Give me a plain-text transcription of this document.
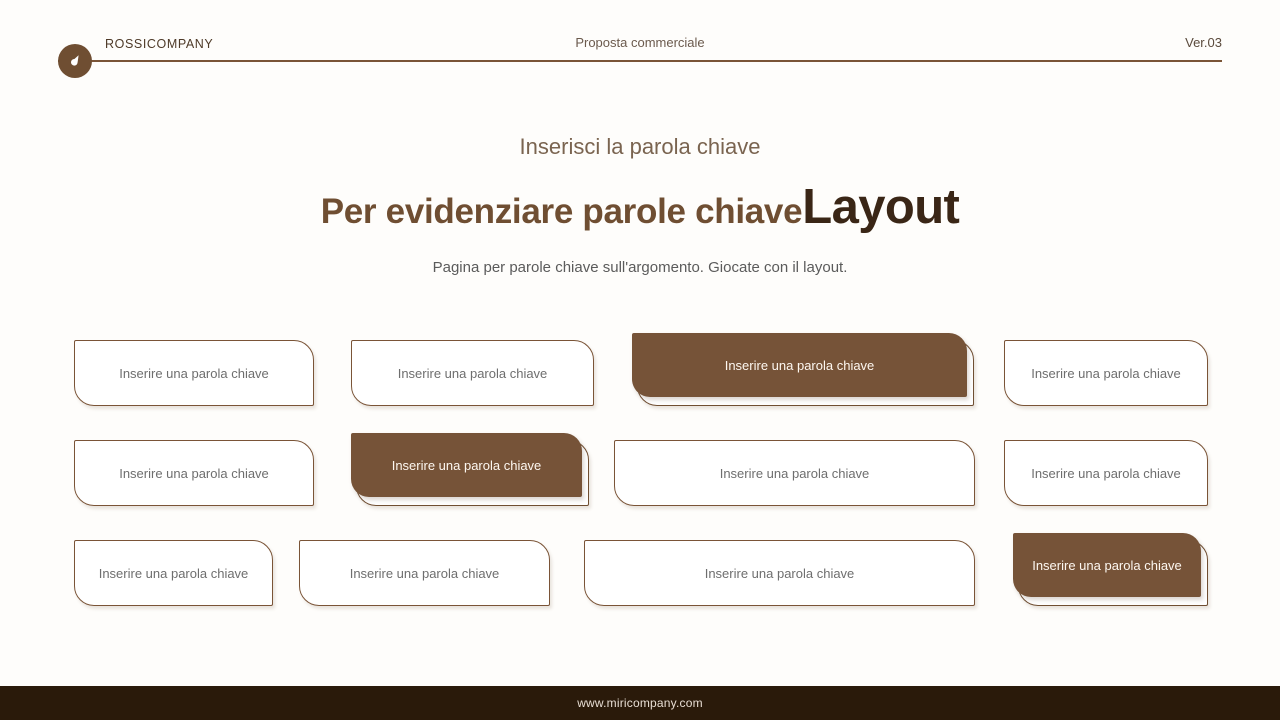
ROSSICOMPANY	Proposta commerciale	Ver.03
Inserisci la parola chiave
Per evidenziare parole chiaveLayout
Pagina per parole chiave sull'argomento. Giocate con il layout.
Inserire una parola chiave	Inserire una parola chiave
Inserire una parola chiave
Inserire una parola chiave
Inserire una parola chiave
Inserire una parola chiave
Inserire una parola chiave	Inserire una parola chiave
Inserire una parola chiave	Inserire una parola chiave	Inserire una parola chiave
Inserire una parola chiave
www.miricompany.com
